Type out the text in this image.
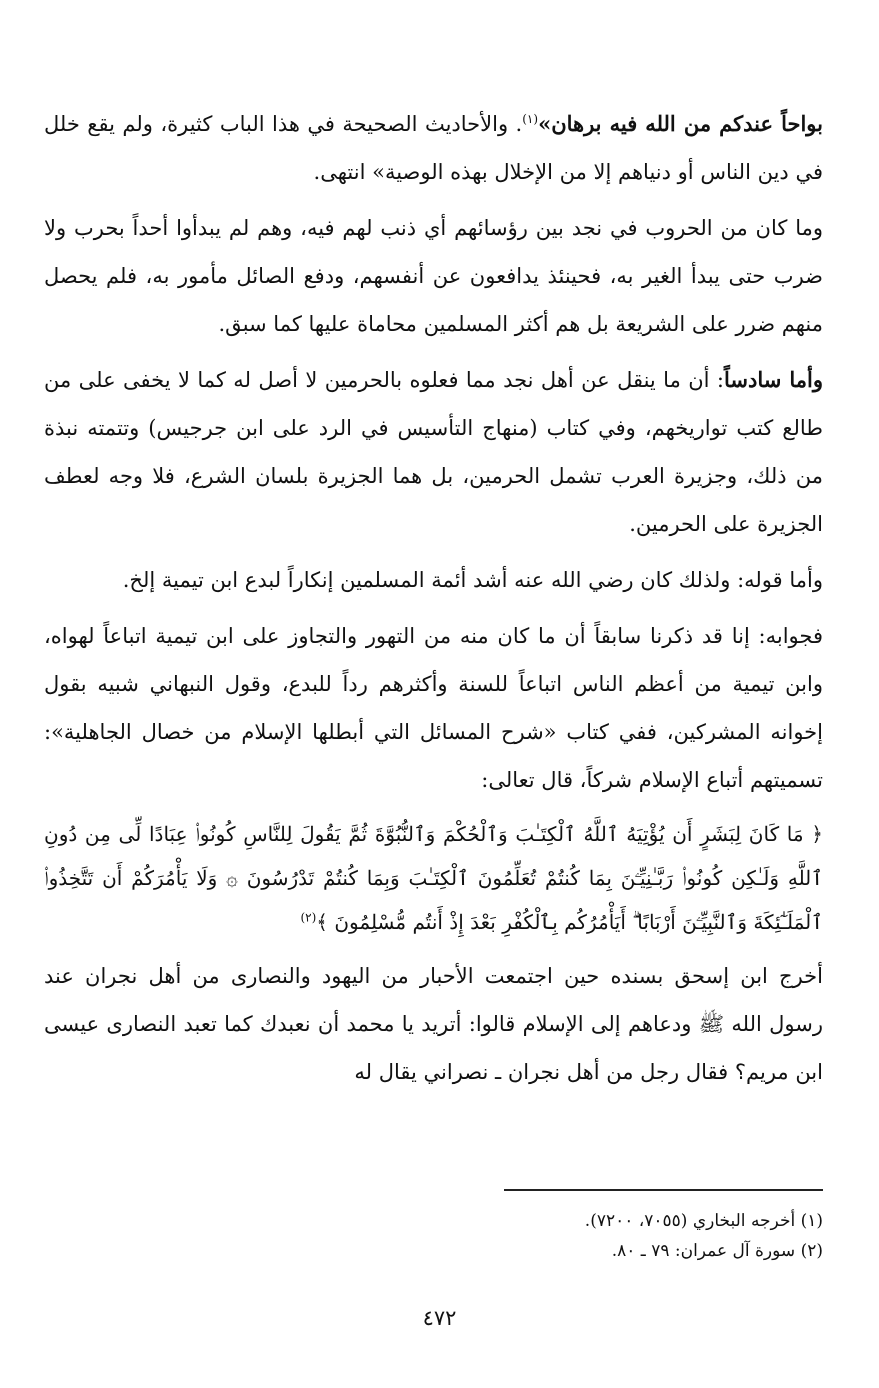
بواحاً عندكم من الله فيه برهان»$^{(١)}$. والأحاديث الصحيحة في هذا الباب كثيرة، ولم يقع خلل في دين الناس أو دنياهم إلا من الإخلال بهذه الوصية» انتهى.

وما كان من الحروب في نجد بين رؤسائهم أي ذنب لهم فيه، وهم لم يبدأوا أحداً بحرب ولا ضرب حتى يبدأ الغير به، فحينئذ يدافعون عن أنفسهم، ودفع الصائل مأمور به، فلم يحصل منهم ضرر على الشريعة بل هم أكثر المسلمين محاماة عليها كما سبق.

وأما سادساً: أن ما ينقل عن أهل نجد مما فعلوه بالحرمين لا أصل له كما لا يخفى على من طالع كتب تواريخهم، وفي كتاب (منهاج التأسيس في الرد على ابن جرجيس) وتتمته نبذة من ذلك، وجزيرة العرب تشمل الحرمين، بل هما الجزيرة بلسان الشرع، فلا وجه لعطف الجزيرة على الحرمين.

وأما قوله: ولذلك كان رضي الله عنه أشد أئمة المسلمين إنكاراً لبدع ابن تيمية إلخ.

فجوابه: إنا قد ذكرنا سابقاً أن ما كان منه من التهور والتجاوز على ابن تيمية اتباعاً لهواه، وابن تيمية من أعظم الناس اتباعاً للسنة وأكثرهم رداً للبدع، وقول النبهاني شبيه بقول إخوانه المشركين، ففي كتاب «شرح المسائل التي أبطلها الإسلام من خصال الجاهلية»: تسميتهم أتباع الإسلام شركاً، قال تعالى:

﴿ مَا كَانَ لِبَشَرٍ أَن يُؤْتِيَهُ ٱللَّهُ ٱلْكِتَـٰبَ وَٱلْحُكْمَ وَٱلنُّبُوَّةَ ثُمَّ يَقُولَ لِلنَّاسِ كُونُوا۟ عِبَادًا لِّى مِن دُونِ ٱللَّهِ وَلَـٰكِن كُونُوا۟ رَبَّـٰنِيِّـۧنَ بِمَا كُنتُمْ تُعَلِّمُونَ ٱلْكِتَـٰبَ وَبِمَا كُنتُمْ تَدْرُسُونَ ۞ وَلَا يَأْمُرَكُمْ أَن تَتَّخِذُوا۟ ٱلْمَلَـٰٓئِكَةَ وَٱلنَّبِيِّـۧنَ أَرْبَابًا ۗ أَيَأْمُرُكُم بِٱلْكُفْرِ بَعْدَ إِذْ أَنتُم مُّسْلِمُونَ ﴾$^{(٢)}$

أخرج ابن إسحق بسنده حين اجتمعت الأحبار من اليهود والنصارى من أهل نجران عند رسول الله ﷺ ودعاهم إلى الإسلام قالوا: أتريد يا محمد أن نعبدك كما تعبد النصارى عيسى ابن مريم؟ فقال رجل من أهل نجران ـ نصراني يقال له

(١) أخرجه البخاري (٧٠٥٥، ٧٢٠٠).

(٢) سورة آل عمران: ٧٩ ـ ٨٠.

٤٧٢
